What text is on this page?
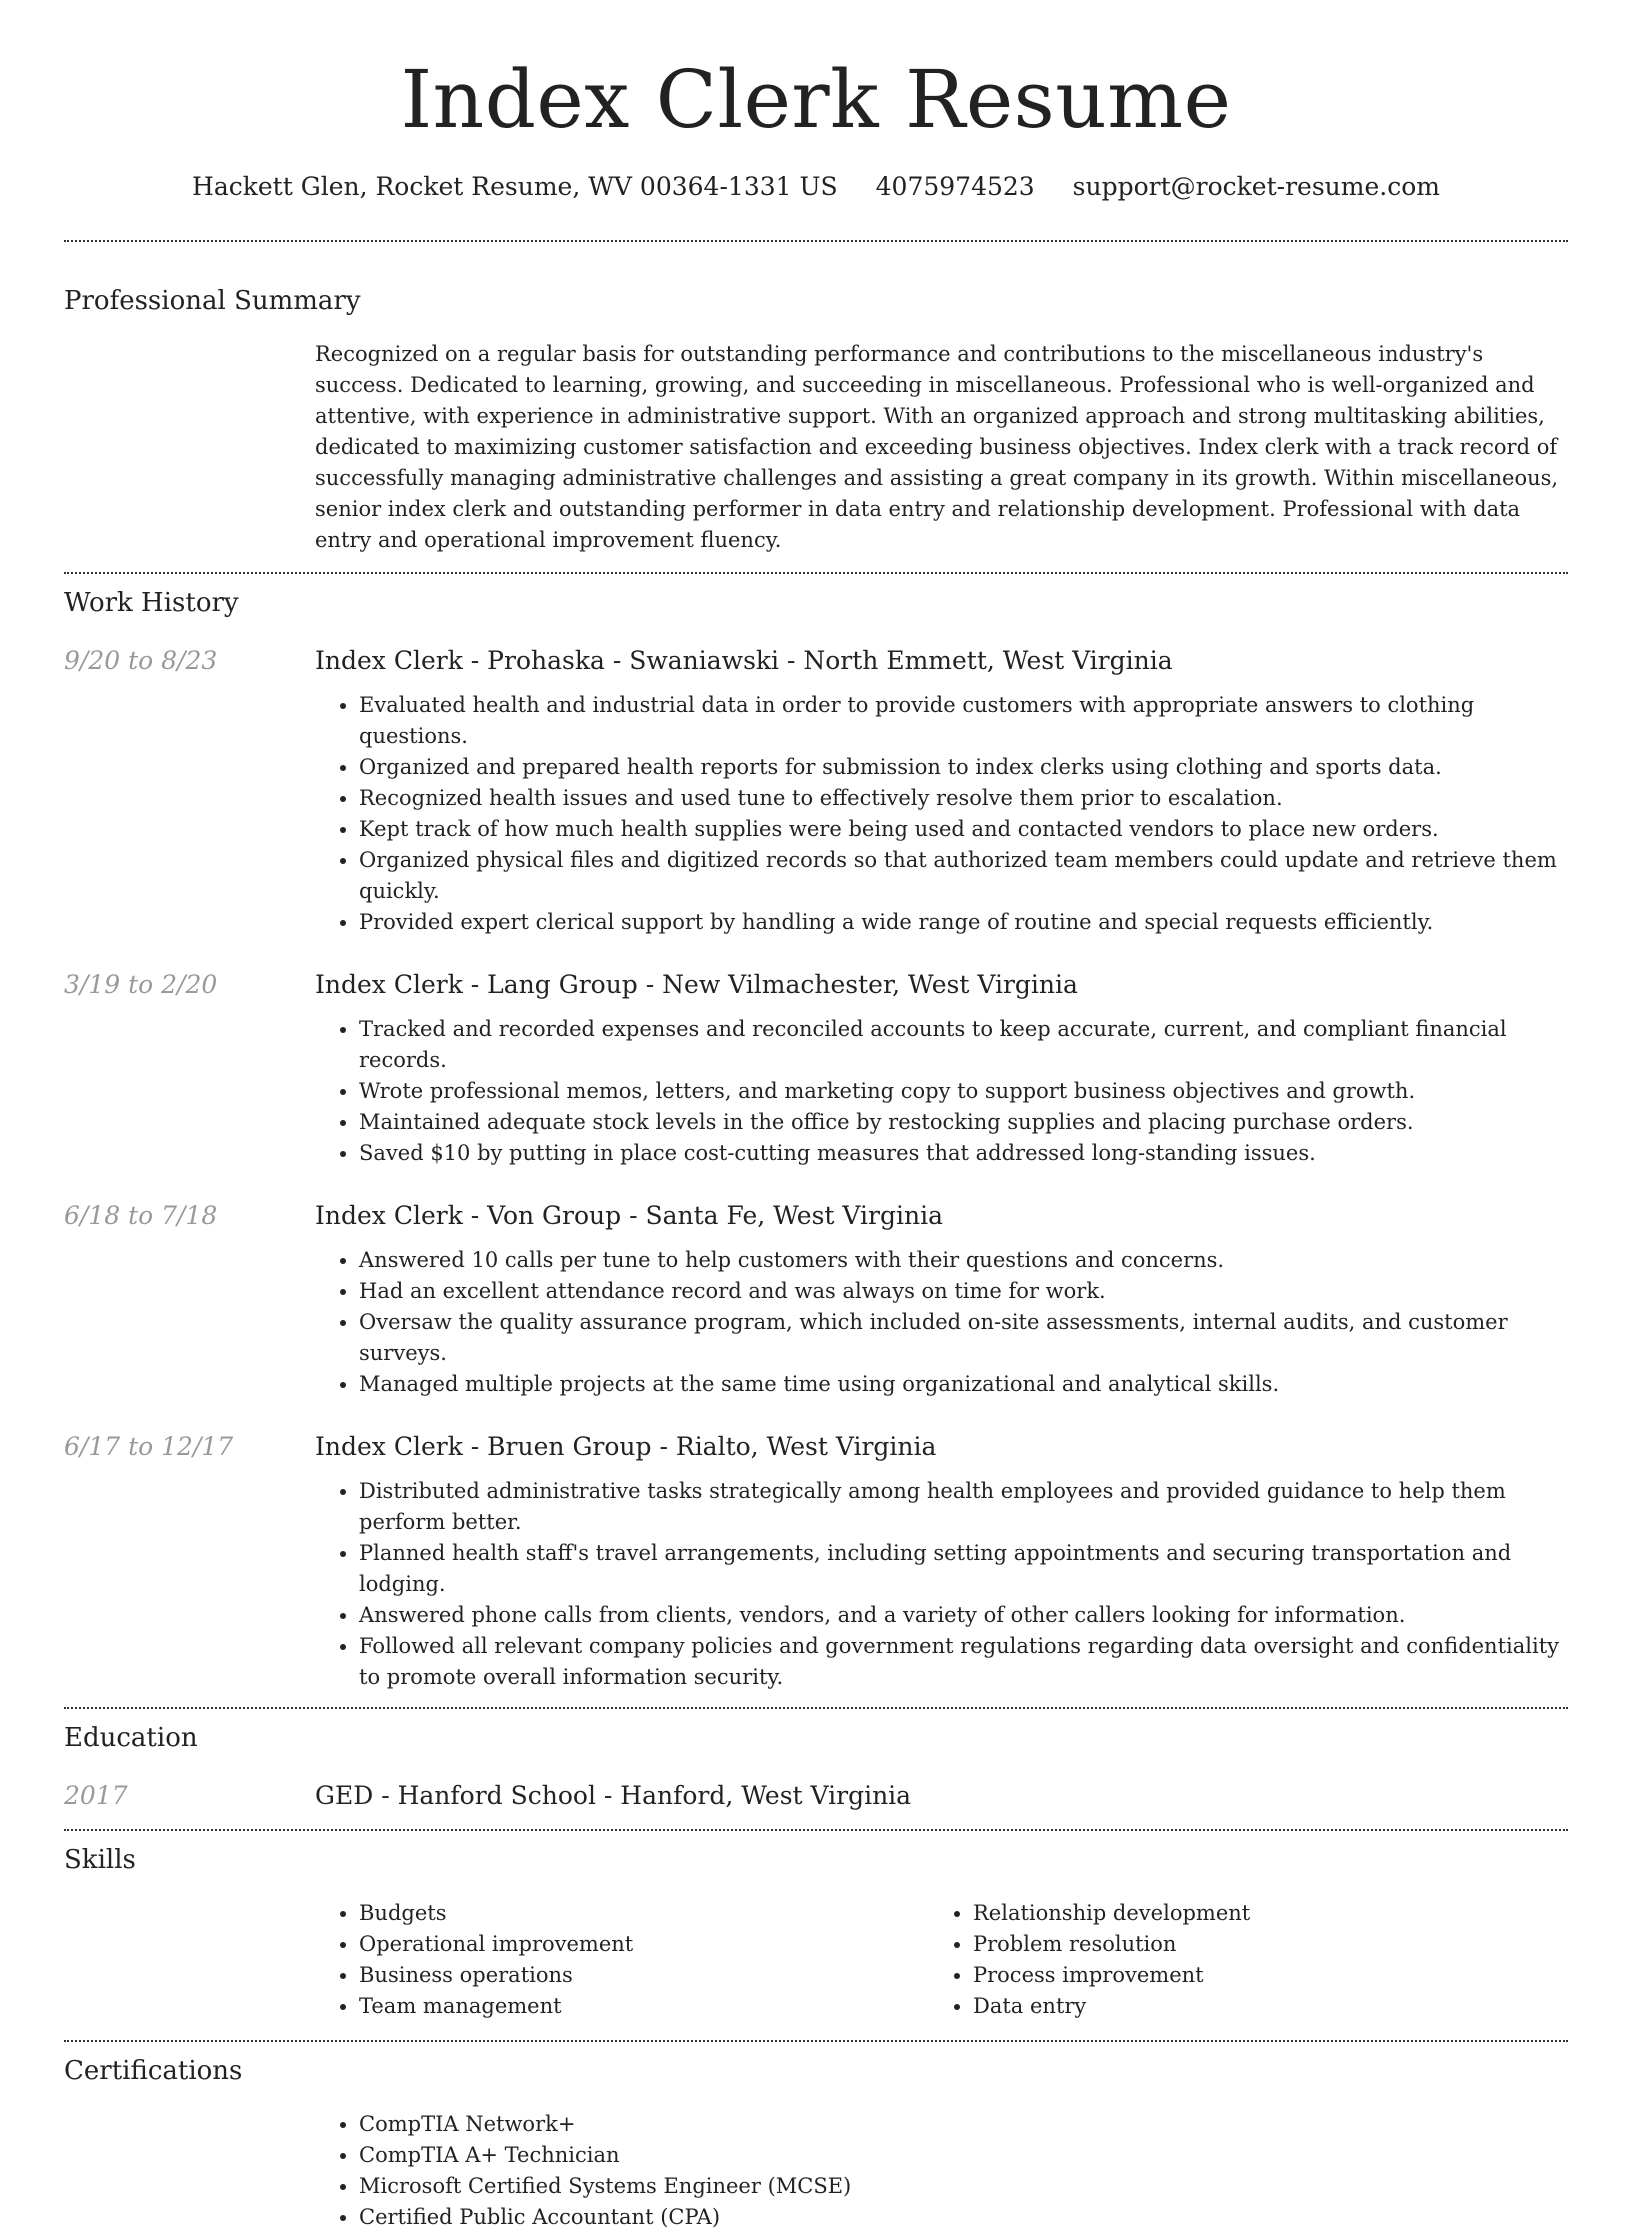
Index Clerk Resume
Hackett Glen, Rocket Resume, WV 00364-1331 US 4075974523 support@rocket-resume.com
Professional Summary

Recognized on a regular basis for outstanding performance and contributions to the miscellaneous industry's success. Dedicated to learning, growing, and succeeding in miscellaneous. Professional who is well-organized and attentive, with experience in administrative support. With an organized approach and strong multitasking abilities, dedicated to maximizing customer satisfaction and exceeding business objectives. Index clerk with a track record of successfully managing administrative challenges and assisting a great company in its growth. Within miscellaneous, senior index clerk and outstanding performer in data entry and relationship development. Professional with data entry and operational improvement fluency.

Work History
9/20 to 8/23	Index Clerk - Prohaska - Swaniawski - North Emmett, West Virginia
• Evaluated health and industrial data in order to provide customers with appropriate answers to clothing questions.
• Organized and prepared health reports for submission to index clerks using clothing and sports data.
• Recognized health issues and used tune to effectively resolve them prior to escalation.
• Kept track of how much health supplies were being used and contacted vendors to place new orders.
• Organized physical files and digitized records so that authorized team members could update and retrieve them quickly.
• Provided expert clerical support by handling a wide range of routine and special requests efficiently.
3/19 to 2/20	Index Clerk - Lang Group - New Vilmachester, West Virginia
• Tracked and recorded expenses and reconciled accounts to keep accurate, current, and compliant financial records.
• Wrote professional memos, letters, and marketing copy to support business objectives and growth.
• Maintained adequate stock levels in the office by restocking supplies and placing purchase orders.
• Saved $10 by putting in place cost-cutting measures that addressed long-standing issues.
6/18 to 7/18	Index Clerk - Von Group - Santa Fe, West Virginia
• Answered 10 calls per tune to help customers with their questions and concerns.
• Had an excellent attendance record and was always on time for work.
• Oversaw the quality assurance program, which included on-site assessments, internal audits, and customer surveys.
• Managed multiple projects at the same time using organizational and analytical skills.
6/17 to 12/17	Index Clerk - Bruen Group - Rialto, West Virginia
• Distributed administrative tasks strategically among health employees and provided guidance to help them perform better.
• Planned health staff's travel arrangements, including setting appointments and securing transportation and lodging.
• Answered phone calls from clients, vendors, and a variety of other callers looking for information.
• Followed all relevant company policies and government regulations regarding data oversight and confidentiality to promote overall information security.
Education
2017	GED - Hanford School - Hanford, West Virginia
Skills
• Budgets
• Operational improvement
• Business operations
• Team management
• Relationship development
• Problem resolution
• Process improvement
• Data entry
Certifications
• CompTIA Network+
• CompTIA A+ Technician
• Microsoft Certified Systems Engineer (MCSE)
• Certified Public Accountant (CPA)
